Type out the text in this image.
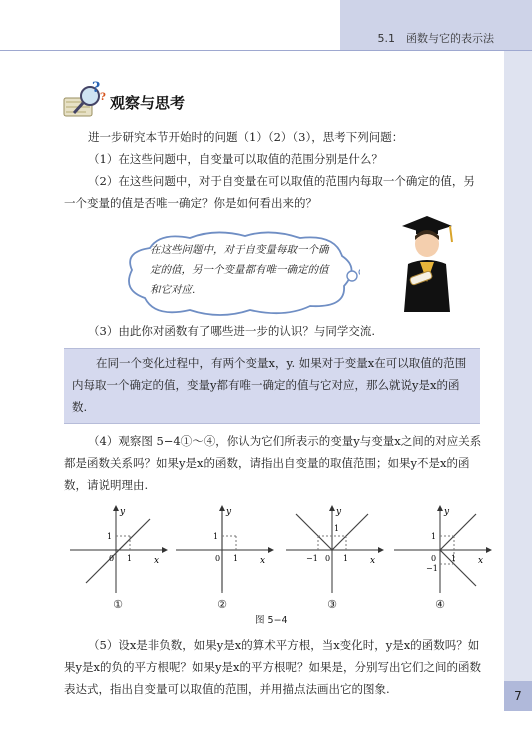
5.1　函数与它的表示法
7
?
? 观察与思考
进一步研究本节开始时的问题（1）（2）（3），思考下列问题：
（1）在这些问题中，自变量可以取值的范围分别是什么？
（2）在这些问题中，对于自变量在可以取值的范围内每取一个确定的值，另一个变量的值是否唯一确定？你是如何看出来的？
在这些问题中，对于自变量每取一个确定的值，另一个变量都有唯一确定的值和它对应.
（3）由此你对函数有了哪些进一步的认识？与同学交流.
在同一个变化过程中，有两个变量x，y. 如果对于变量x在可以取值的范围内每取一个确定的值，变量y都有唯一确定的值与它对应，那么就说y是x的函数.
（4）观察图 5−4①～④，你认为它们所表示的变量y与变量x之间的对应关系都是函数关系吗？如果y是x的函数，请指出自变量的取值范围；如果y不是x的函数，请说明理由.
x
y
1
0 1	x
y
1
0 1	x
y
1
−1 0 1	x
y
1
0
−1
1
①	②	③	④
图 5−4
（5）设x是非负数，如果y是x的算术平方根，当x变化时，y是x的函数吗？如果y是x的负的平方根呢？如果y是x的平方根呢？如果是，分别写出它们之间的函数表达式，指出自变量可以取值的范围，并用描点法画出它的图象.
